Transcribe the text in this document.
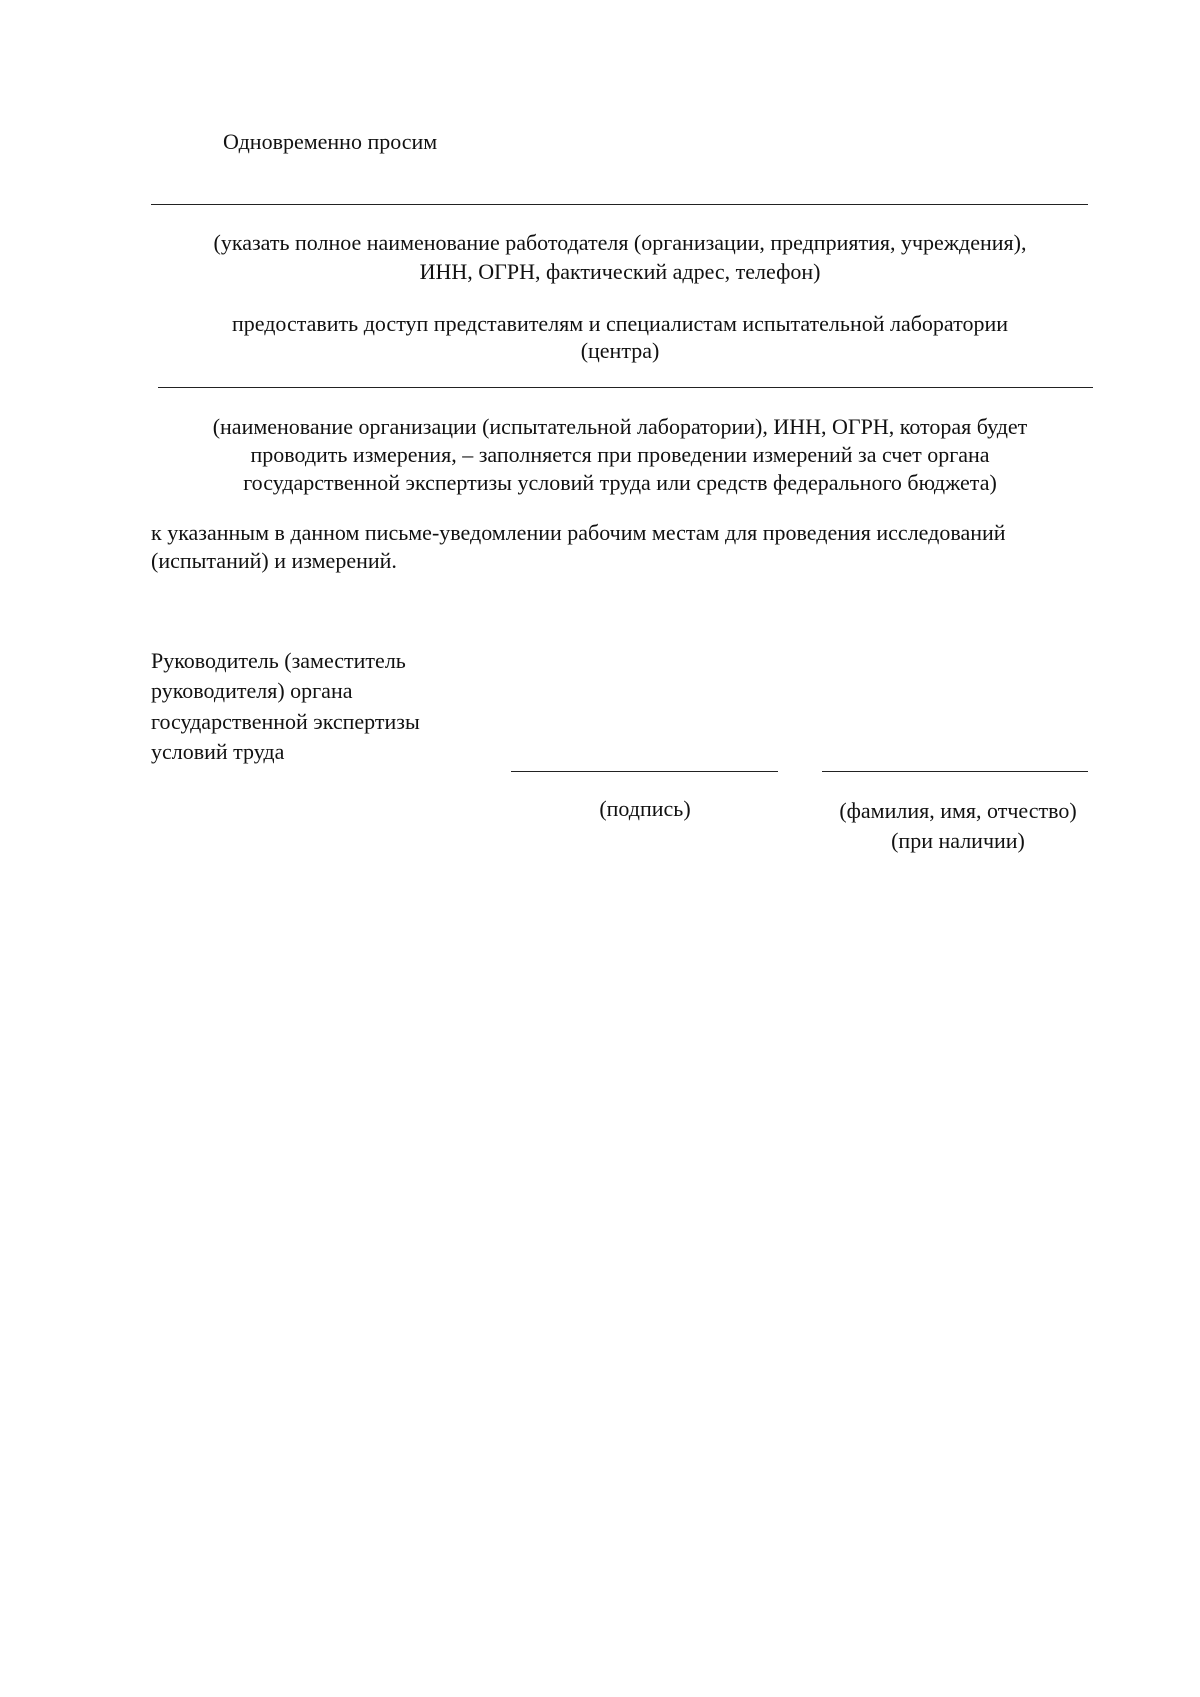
Одновременно просим
(указать полное наименование работодателя (организации, предприятия, учреждения),
ИНН, ОГРН, фактический адрес, телефон)
предоставить доступ представителям и специалистам испытательной лаборатории
(центра)
(наименование организации (испытательной лаборатории), ИНН, ОГРН, которая будет
проводить измерения, – заполняется при проведении измерений за счет органа
государственной экспертизы условий труда или средств федерального бюджета)
к указанным в данном письме-уведомлении рабочим местам для проведения исследований
(испытаний) и измерений.
Руководитель (заместитель
руководителя) органа
государственной экспертизы
условий труда
(подпись)	(фамилия, имя, отчество)
(при наличии)
